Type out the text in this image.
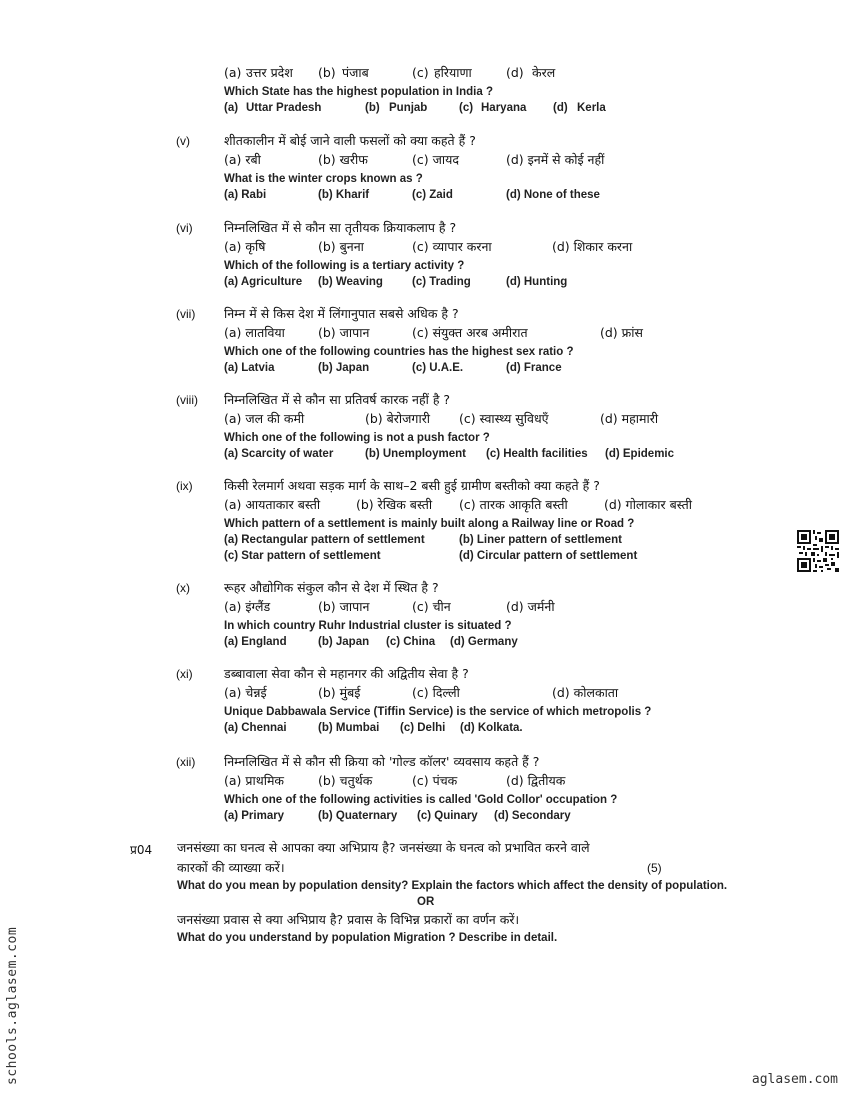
(a) उत्तर प्रदेश (b) पंजाब	(c) हरियाणा	(d) केरल
Which State has the highest population in India ?
(a) Uttar Pradesh	(b) Punjab	(c) Haryana (d) Kerla
(v)	शीतकालीन में बोई जाने वाली फसलों को क्या कहते हैं ?
(a) रबी	(b) खरीफ	(c) जायद	(d) इनमें से कोई नहीं
What is the winter crops known as ?
(a) Rabi	(b) Kharif	(c) Zaid	(d) None of these
(vi)	निम्नलिखित में से कौन सा तृतीयक क्रियाकलाप है ?
(a) कृषि	(b) बुनना	(c) व्यापार करना	(d) शिकार करना
Which of the following is a tertiary activity ?
(a) Agriculture (b) Weaving	(c) Trading	(d) Hunting
(vii) निम्न में से किस देश में लिंगानुपात सबसे अधिक है ?
(a) लातविया	(b) जापान	(c) संयुक्त अरब अमीरात	(d) फ्रांस
Which one of the following countries has the highest sex ratio ?
(a) Latvia	(b) Japan	(c) U.A.E.	(d) France
(viii) निम्नलिखित में से कौन सा प्रतिवर्ष कारक नहीं है ?
(a) जल की कमी	(b) बेरोजगारी (c) स्वास्थ्य सुविधएँ	(d) महामारी
Which one of the following is not a push factor ?
(a) Scarcity of water	(b) Unemployment (c) Health facilities (d) Epidemic
(ix)	किसी रेलमार्ग अथवा सड़क मार्ग के साथ–2 बसी हुई ग्रामीण बस्तीको क्या कहते हैं ?
(a) आयताकार बस्ती	(b) रेखिक बस्ती (c) तारक आकृति बस्ती	(d) गोलाकार बस्ती
Which pattern of a settlement is mainly built along a Railway line or Road ?
(a) Rectangular pattern of settlement	(b) Liner pattern of settlement
(c) Star pattern of settlement	(d) Circular pattern of settlement
(x)	रूहर औद्योगिक संकुल कौन से देश में स्थित है ?
(a) इंग्लैंड	(b) जापान	(c) चीन	(d) जर्मनी
In which country Ruhr Industrial cluster is situated ?
(a) England	(b) Japan (c) China (d) Germany
(xi)	डब्बावाला सेवा कौन से महानगर की अद्वितीय सेवा है ?
(a) चेन्नई	(b) मुंबई	(c) दिल्ली	(d) कोलकाता
Unique Dabbawala Service (Tiffin Service) is the service of which metropolis ?
(a) Chennai	(b) Mumbai (c) Delhi (d) Kolkata.
(xii) निम्नलिखित में से कौन सी क्रिया को 'गोल्ड कॉलर' व्यवसाय कहते हैं ?
(a) प्राथमिक	(b) चतुर्थक	(c) पंचक	(d) द्वितीयक
Which one of the following activities is called 'Gold Collor' occupation ?
(a) Primary	(b) Quaternary (c) Quinary (d) Secondary
प्र04 जनसंख्या का घनत्व से आपका क्या अभिप्राय है? जनसंख्या के घनत्व को प्रभावित करने वाले
कारकों की व्याख्या करें।	(5)
What do you mean by population density? Explain the factors which affect the density of population.
OR
जनसंख्या प्रवास से क्या अभिप्राय है? प्रवास के विभिन्न प्रकारों का वर्णन करें।
What do you understand by population Migration ? Describe in detail.
schools.aglasem.com	aglasem.com
